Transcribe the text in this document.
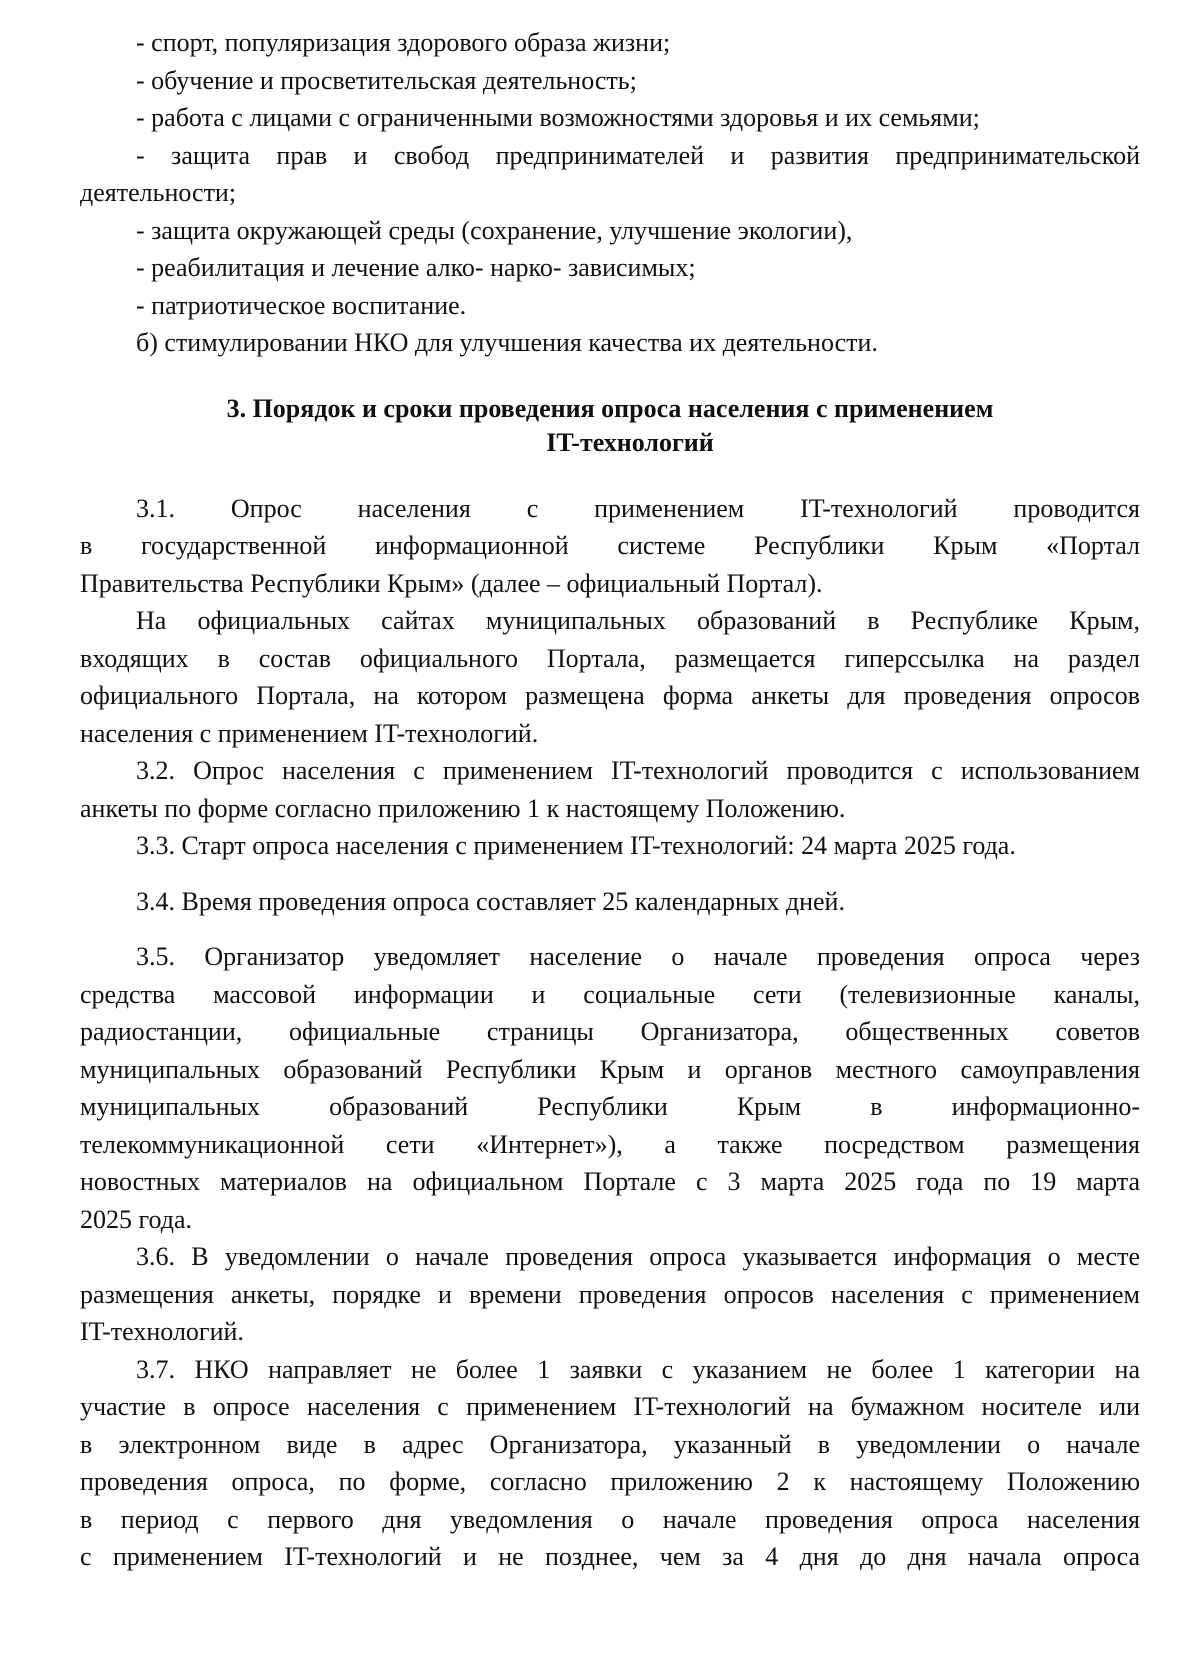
- спорт, популяризация здорового образа жизни;
- обучение и просветительская деятельность;
- работа с лицами с ограниченными возможностями здоровья и их семьями;
- защита прав и свобод предпринимателей и развития предпринимательской
деятельности;
- защита окружающей среды (сохранение, улучшение экологии),
- реабилитация и лечение алко- нарко- зависимых;
- патриотическое воспитание.
б) стимулировании НКО для улучшения качества их деятельности.
3. Порядок и сроки проведения опроса населения с применением
IT-технологий
3.1. Опрос населения с применением IT-технологий проводится
в государственной информационной системе Республики Крым «Портал
Правительства Республики Крым» (далее – официальный Портал).
На официальных сайтах муниципальных образований в Республике Крым,
входящих в состав официального Портала, размещается гиперссылка на раздел
официального Портала, на котором размещена форма анкеты для проведения опросов
населения с применением IT-технологий.
3.2. Опрос населения с применением IT-технологий проводится с использованием
анкеты по форме согласно приложению 1 к настоящему Положению.
3.3. Старт опроса населения с применением IT-технологий: 24 марта 2025 года.
3.4. Время проведения опроса составляет 25 календарных дней.
3.5. Организатор уведомляет население о начале проведения опроса через
средства массовой информации и социальные сети (телевизионные каналы,
радиостанции, официальные страницы Организатора, общественных советов
муниципальных образований Республики Крым и органов местного самоуправления
муниципальных образований Республики Крым в информационно-
телекоммуникационной сети «Интернет»), а также посредством размещения
новостных материалов на официальном Портале с 3 марта 2025 года по 19 марта
2025 года.
3.6. В уведомлении о начале проведения опроса указывается информация о месте
размещения анкеты, порядке и времени проведения опросов населения с применением
IT-технологий.
3.7. НКО направляет не более 1 заявки с указанием не более 1 категории на
участие в опросе населения с применением IT-технологий на бумажном носителе или
в электронном виде в адрес Организатора, указанный в уведомлении о начале
проведения опроса, по форме, согласно приложению 2 к настоящему Положению
в период с первого дня уведомления о начале проведения опроса населения
с применением IT-технологий и не позднее, чем за 4 дня до дня начала опроса
